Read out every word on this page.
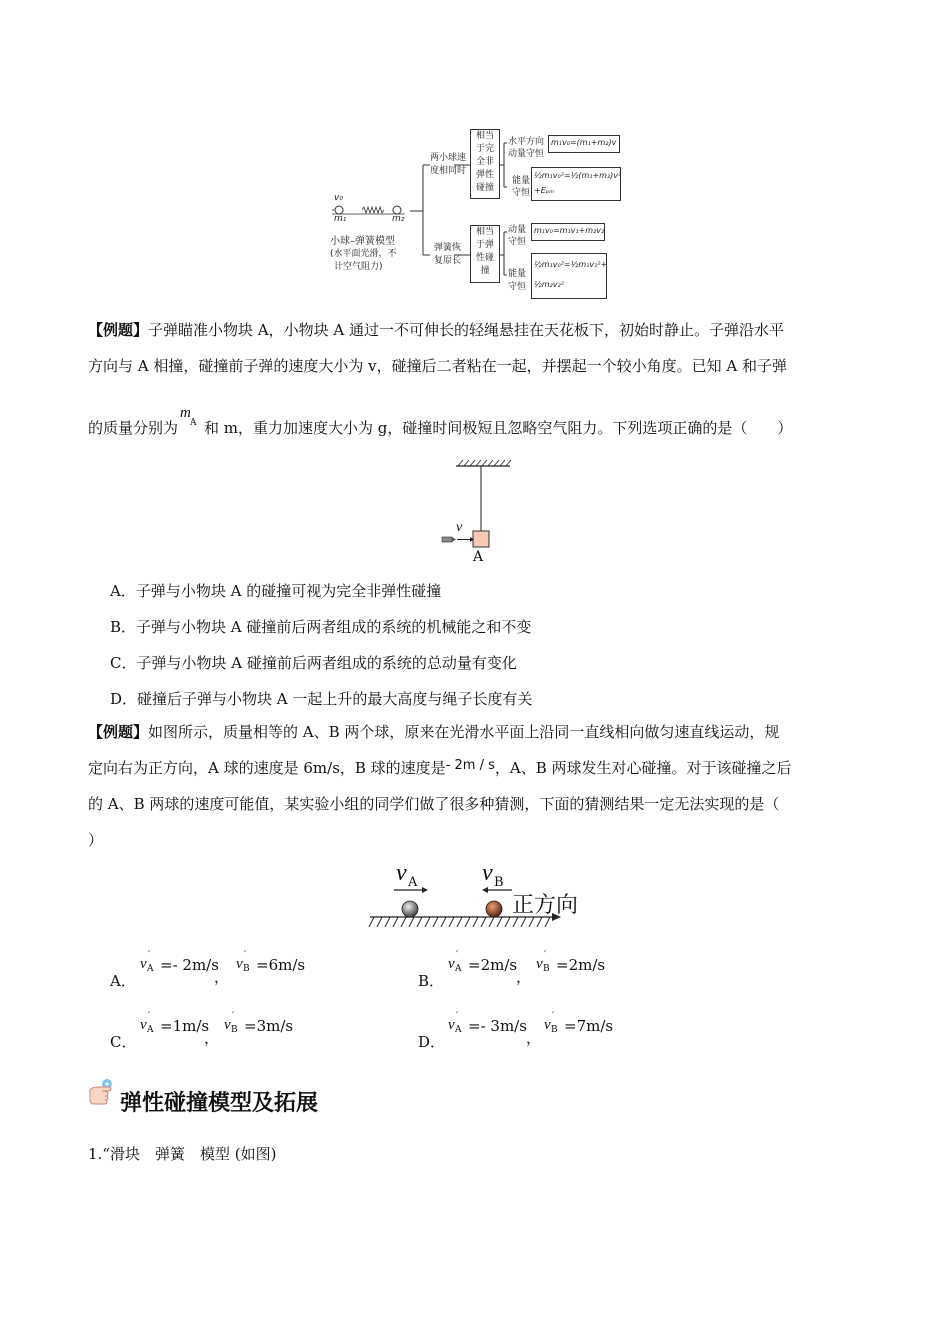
v₀
m₁	m₂
小球–弹簧模型
(水平面光滑，不
计空气阻力)
两小球速
度相同时
弹簧恢
复原长
相当
于完
全非
弹性
碰撞
相当
于弹
性碰
撞
水平方向
动量守恒
m₁v₀=(m₁+m₂)v
能量
守恒
½m₁v₀²=½(m₁+m₂)v²
+Eₚₘ
动量
守恒
m₁v₀=m₁v₁+m₂v₂
能量
守恒
½m₁v₀²=½m₁v₁²+
½m₂v₂²
【例题】子弹瞄准小物块 A，小物块 A 通过一不可伸长的轻绳悬挂在天花板下，初始时静止。子弹沿水平
方向与 A 相撞，碰撞前子弹的速度大小为 v，碰撞后二者粘在一起，并摆起一个较小角度。已知 A 和子弹
的质量分别为
m
A 和 m，重力加速度大小为 g，碰撞时间极短且忽略空气阻力。下列选项正确的是（　　）
v
A
A．子弹与小物块 A 的碰撞可视为完全非弹性碰撞
B．子弹与小物块 A 碰撞前后两者组成的系统的机械能之和不变
C．子弹与小物块 A 碰撞前后两者组成的系统的总动量有变化
D．碰撞后子弹与小物块 A 一起上升的最大高度与绳子长度有关
【例题】如图所示，质量相等的 A、B 两个球，原来在光滑水平面上沿同一直线相向做匀速直线运动，规
定向右为正方向，A 球的速度是 6m/s，B 球的速度是- 2m / s，A、B 两球发生对心碰撞。对于该碰撞之后
的 A、B 两球的速度可能值，某实验小组的同学们做了很多种猜测，下面的猜测结果一定无法实现的是（
）
v A	v B
正方向
A．
v
′
A =- 2m/s
，
v
′
B =6m/s
B．
v
′
A =2m/s
，
v
′
B =2m/s
C．
v
′
A =1m/s
，
v
′
B =3m/s
D．
v
′
A =- 3m/s
，
v
′
B =7m/s
弹性碰撞模型及拓展
1.“滑块　弹簧　模型 (如图)
